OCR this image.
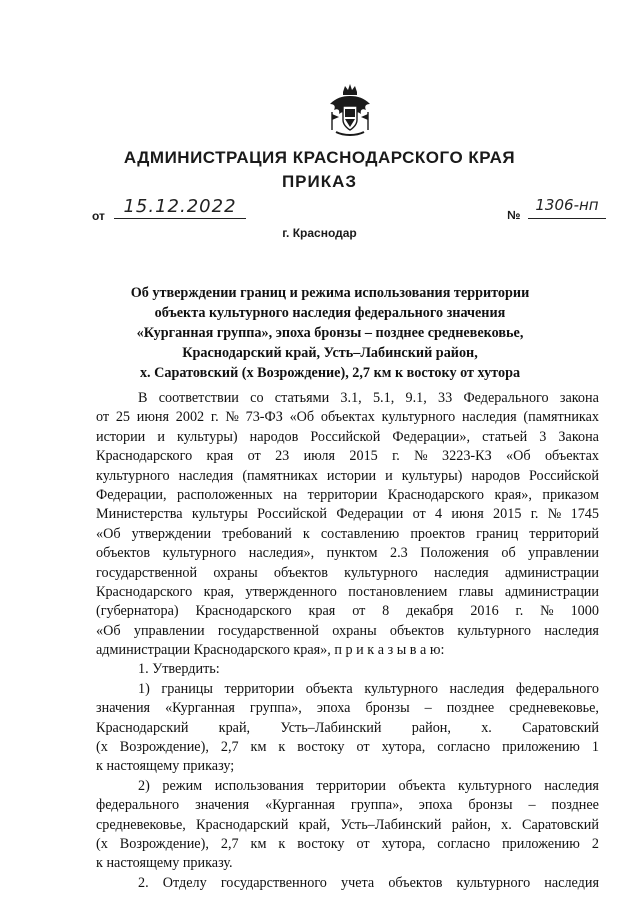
АДМИНИСТРАЦИЯ КРАСНОДАРСКОГО КРАЯ
ПРИКАЗ
от	15.12.2022	№
1306-нп
г. Краснодар
Об утверждении границ и режима использования территории
объекта культурного наследия федерального значения
«Курганная группа», эпоха бронзы – позднее средневековье,
Краснодарский край, Усть–Лабинский район,
х. Саратовский (х Возрождение), 2,7 км к востоку от хутора
В соответствии со статьями 3.1, 5.1, 9.1, 33 Федерального закона
от 25 июня 2002 г. № 73-ФЗ «Об объектах культурного наследия (памятниках
истории и культуры) народов Российской Федерации», статьей 3 Закона
Краснодарского края от 23 июля 2015 г. № 3223-КЗ «Об объектах
культурного наследия (памятниках истории и культуры) народов Российской
Федерации, расположенных на территории Краснодарского края», приказом
Министерства культуры Российской Федерации от 4 июня 2015 г. № 1745
«Об утверждении требований к составлению проектов границ территорий
объектов культурного наследия», пунктом 2.3 Положения об управлении
государственной охраны объектов культурного наследия администрации
Краснодарского края, утвержденного постановлением главы администрации
(губернатора) Краснодарского края от 8 декабря 2016 г. № 1000
«Об управлении государственной охраны объектов культурного наследия
администрации Краснодарского края», п р и к а з ы в а ю:
1. Утвердить:
1) границы территории объекта культурного наследия федерального
значения «Курганная группа», эпоха бронзы – позднее средневековье,
Краснодарский край, Усть–Лабинский район, х. Саратовский
(х Возрождение), 2,7 км к востоку от хутора, согласно приложению 1
к настоящему приказу;
2) режим использования территории объекта культурного наследия
федерального значения «Курганная группа», эпоха бронзы – позднее
средневековье, Краснодарский край, Усть–Лабинский район, х. Саратовский
(х Возрождение), 2,7 км к востоку от хутора, согласно приложению 2
к настоящему приказу.
2. Отделу государственного учета объектов культурного наследия
